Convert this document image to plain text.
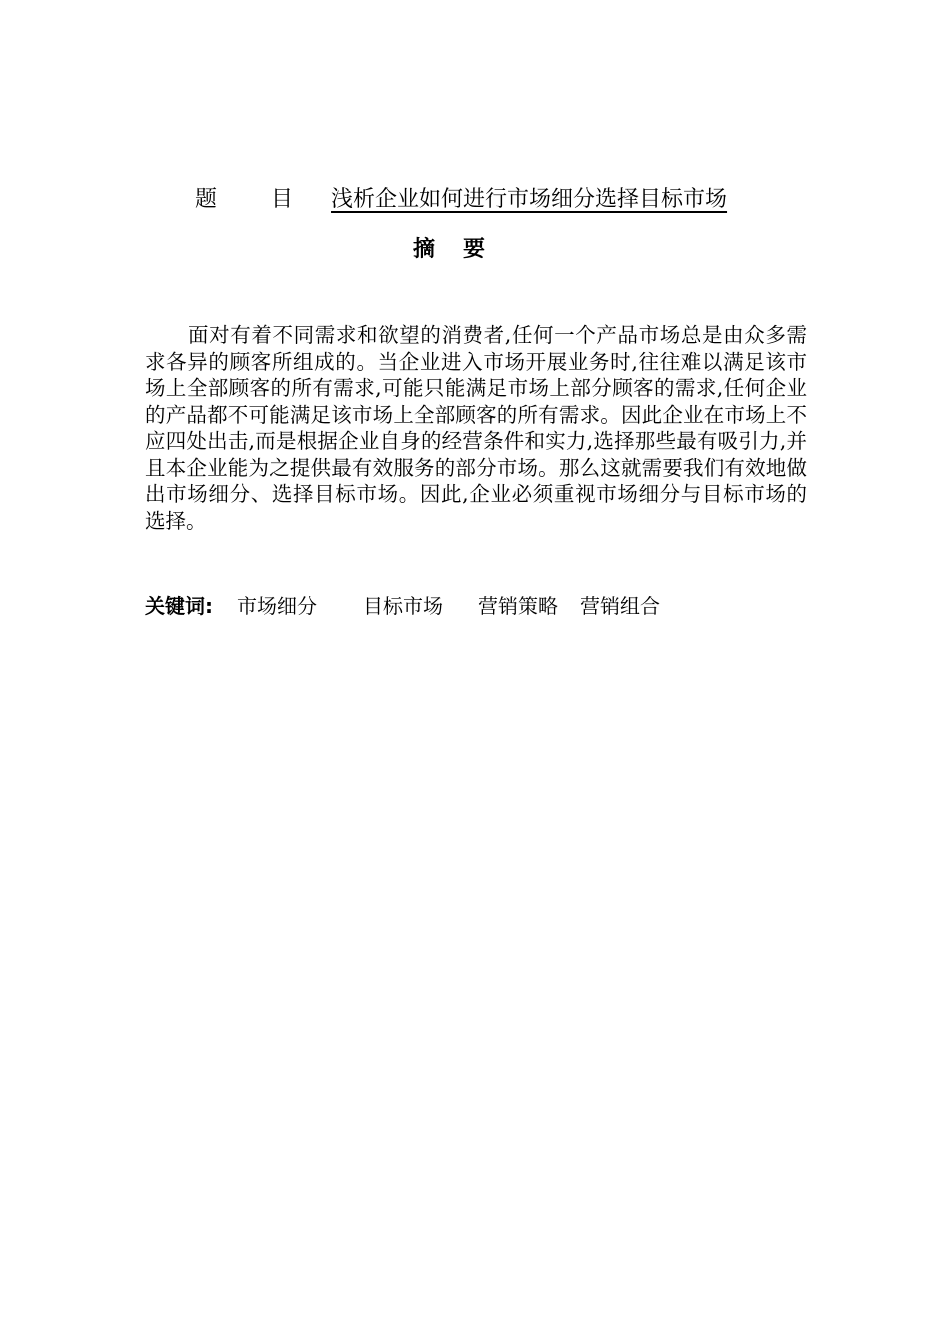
题 目 浅析企业如何进行市场细分选择目标市场
摘要
面对有着不同需求和欲望的消费者,任何一个产品市场总是由众多需求各异的顾客所组成的。当企业进入市场开展业务时,往往难以满足该市场上全部顾客的所有需求,可能只能满足市场上部分顾客的需求,任何企业的产品都不可能满足该市场上全部顾客的所有需求。因此企业在市场上不应四处出击,而是根据企业自身的经营条件和实力,选择那些最有吸引力,并且本企业能为之提供最有效服务的部分市场。那么这就需要我们有效地做出市场细分、选择目标市场。因此,企业必须重视市场细分与目标市场的选择。
关键词: 市场细分 目标市场 营销策略 营销组合
